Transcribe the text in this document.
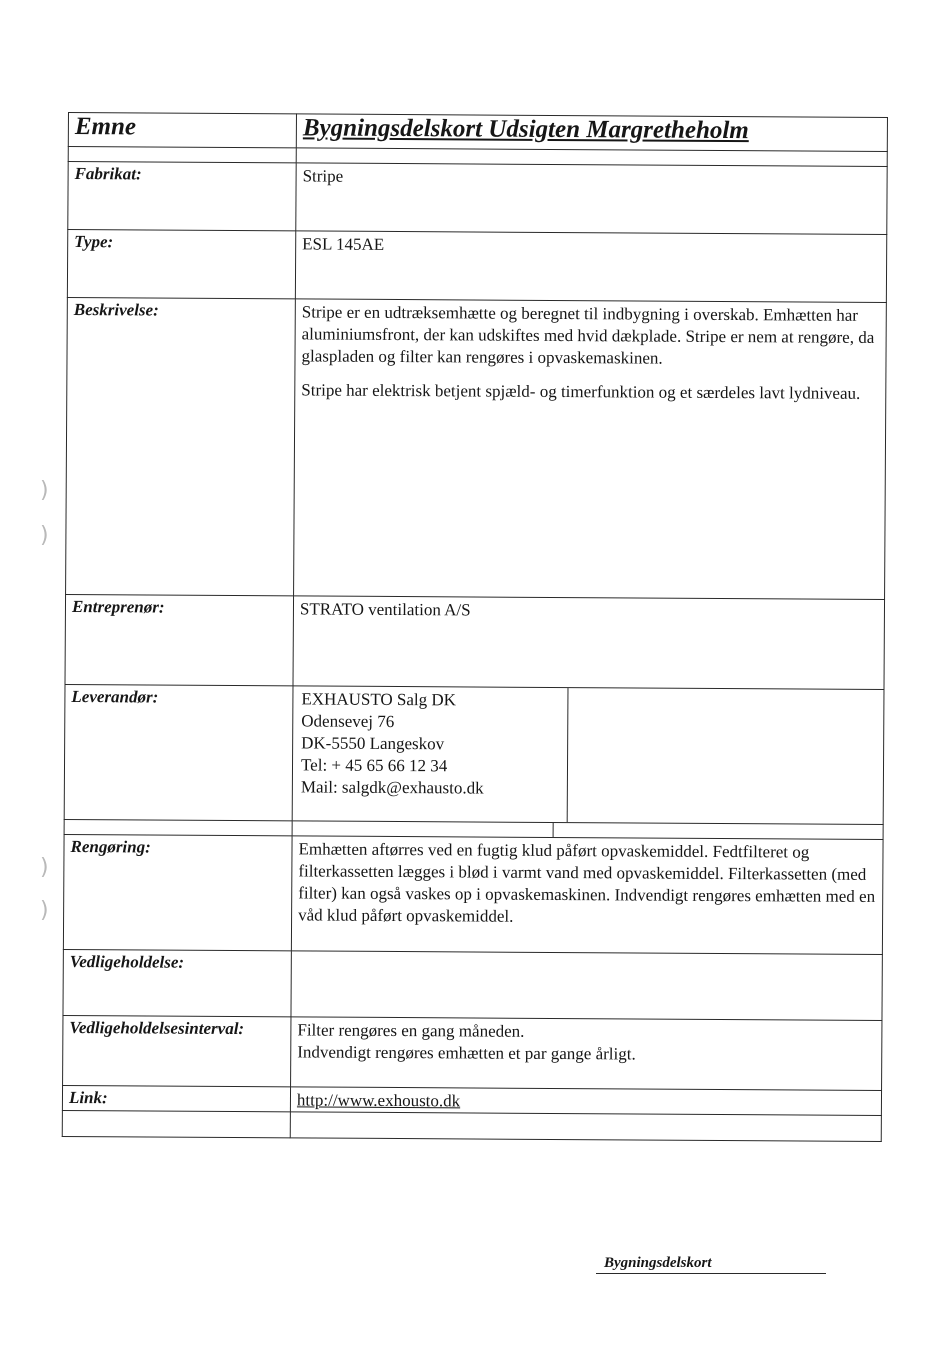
)
)
)
)
Emne	Bygningsdelskort Udsigten Margretheholm

Fabrikat:	Stripe
Type:	ESL 145AE
Beskrivelse:	Stripe er en udtræksemhætte og beregnet til indbygning i overskab. Emhætten har aluminiumsfront, der kan udskiftes med hvid dækplade. Stripe er nem at rengøre, da glaspladen og filter kan rengøres i opvaskemaskinen.

Stripe har elektrisk betjent spjæld- og timerfunktion og et særdeles lavt lydniveau.

Entreprenør:	STRATO ventilation A/S
Leverandør:	EXHAUSTO Salg DK
Odensevej 76
DK-5550 Langeskov
Tel: + 45 65 66 12 34
Mail: salgdk@exhausto.dk

Rengøring:	Emhætten aftørres ved en fugtig klud påført opvaskemiddel. Fedtfilteret og filterkassetten lægges i blød i varmt vand med opvaskemiddel. Filterkassetten (med filter) kan også vaskes op i opvaskemaskinen. Indvendigt rengøres emhætten med en våd klud påført opvaskemiddel.
Vedligeholdelse:	
Vedligeholdelsesinterval:	Filter rengøres en gang måneden.
Indvendigt rengøres emhætten et par gange årligt.

Link:	http://www.exhousto.dk

Bygningsdelskort
